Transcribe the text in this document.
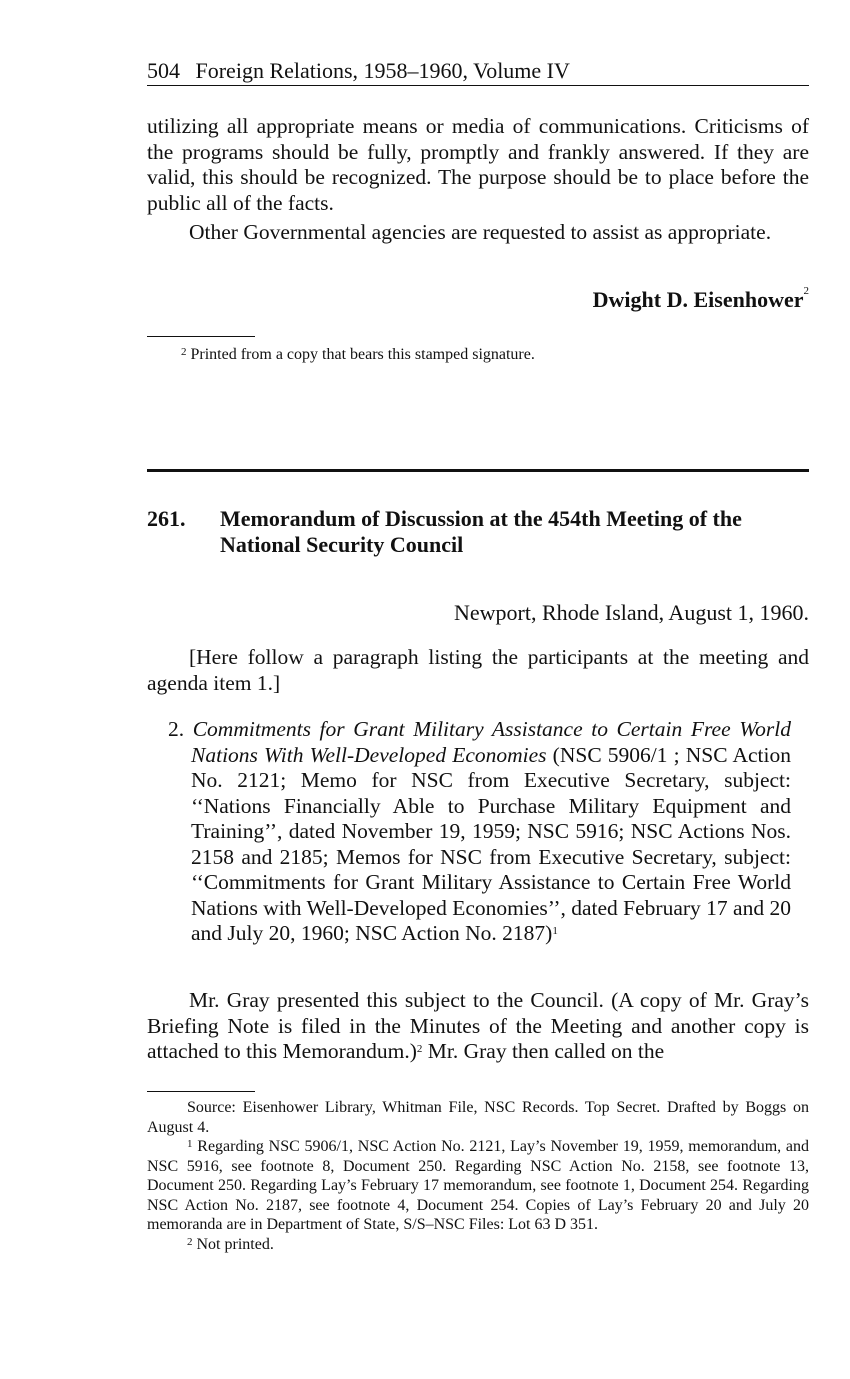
504 Foreign Relations, 1958–1960, Volume IV

utilizing all appropriate means or media of communications. Criticisms of the programs should be fully, promptly and frankly answered. If they are valid, this should be recognized. The purpose should be to place before the public all of the facts.

Other Governmental agencies are requested to assist as appropriate.

Dwight D. Eisenhower$^2$

$^2$ Printed from a copy that bears this stamped signature.

261. Memorandum of Discussion at the 454th Meeting of the National Security Council
Newport, Rhode Island, August 1, 1960.

[Here follow a paragraph listing the participants at the meeting and agenda item 1.]

2. Commitments for Grant Military Assistance to Certain Free World Nations With Well-Developed Economies (NSC 5906/1 ; NSC Action No. 2121; Memo for NSC from Executive Secretary, subject: ‘‘Nations Financially Able to Purchase Military Equipment and Training’’, dated November 19, 1959; NSC 5916; NSC Actions Nos. 2158 and 2185; Memos for NSC from Executive Secretary, subject: ‘‘Commitments for Grant Military Assistance to Certain Free World Nations with Well-Developed Economies’’, dated February 17 and 20 and July 20, 1960; NSC Action No. 2187)$^1$

Mr. Gray presented this subject to the Council. (A copy of Mr. Gray’s Briefing Note is filed in the Minutes of the Meeting and another copy is attached to this Memorandum.)$^2$ Mr. Gray then called on the

Source: Eisenhower Library, Whitman File, NSC Records. Top Secret. Drafted by Boggs on August 4.

$^1$ Regarding NSC 5906/1, NSC Action No. 2121, Lay’s November 19, 1959, memorandum, and NSC 5916, see footnote 8, Document 250. Regarding NSC Action No. 2158, see footnote 13, Document 250. Regarding Lay’s February 17 memorandum, see footnote 1, Document 254. Regarding NSC Action No. 2187, see footnote 4, Document 254. Copies of Lay’s February 20 and July 20 memoranda are in Department of State, S/S–NSC Files: Lot 63 D 351.

$^2$ Not printed.
